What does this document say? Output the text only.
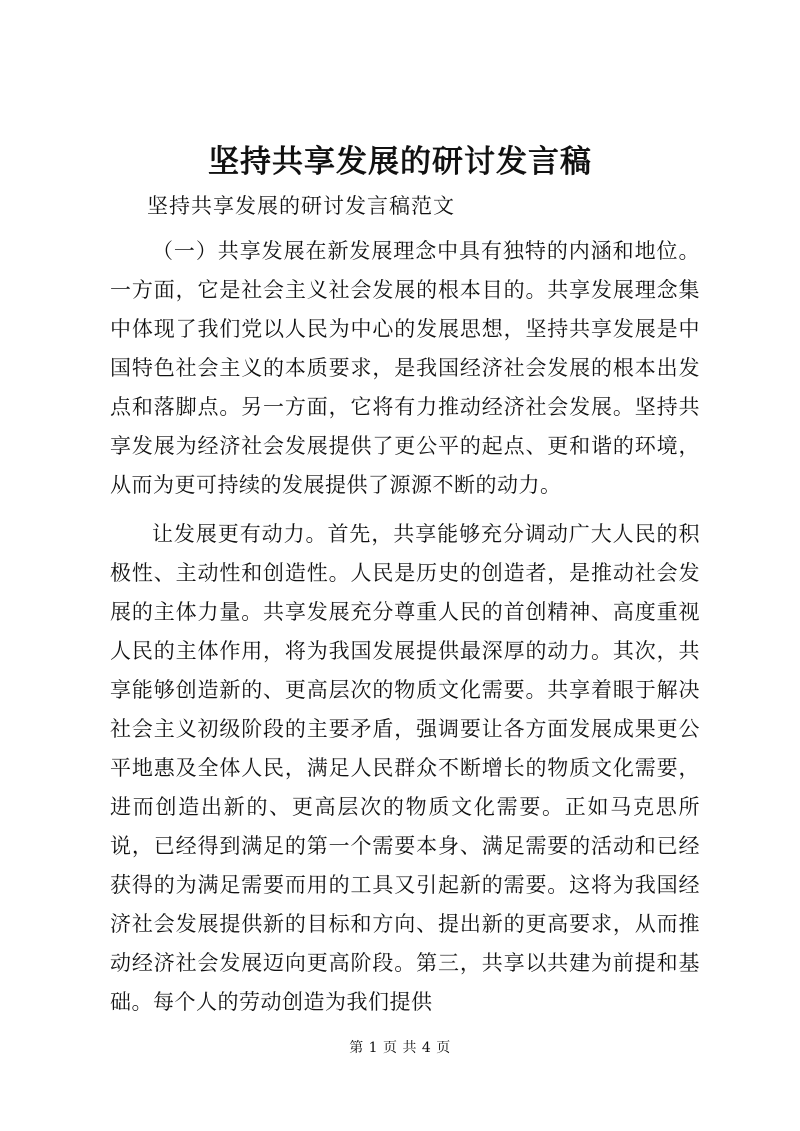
坚持共享发展的研讨发言稿
坚持共享发展的研讨发言稿范文

（一）共享发展在新发展理念中具有独特的内涵和地位。一方面，它是社会主义社会发展的根本目的。共享发展理念集中体现了我们党以人民为中心的发展思想，坚持共享发展是中国特色社会主义的本质要求，是我国经济社会发展的根本出发点和落脚点。另一方面，它将有力推动经济社会发展。坚持共享发展为经济社会发展提供了更公平的起点、更和谐的环境，从而为更可持续的发展提供了源源不断的动力。

让发展更有动力。首先，共享能够充分调动广大人民的积极性、主动性和创造性。人民是历史的创造者，是推动社会发展的主体力量。共享发展充分尊重人民的首创精神、高度重视人民的主体作用，将为我国发展提供最深厚的动力。其次，共享能够创造新的、更高层次的物质文化需要。共享着眼于解决社会主义初级阶段的主要矛盾，强调要让各方面发展成果更公平地惠及全体人民，满足人民群众不断增长的物质文化需要，进而创造出新的、更高层次的物质文化需要。正如马克思所说，已经得到满足的第一个需要本身、满足需要的活动和已经获得的为满足需要而用的工具又引起新的需要。这将为我国经济社会发展提供新的目标和方向、提出新的更高要求，从而推动经济社会发展迈向更高阶段。第三，共享以共建为前提和基础。每个人的劳动创造为我们提供

第 1 页 共 4 页
